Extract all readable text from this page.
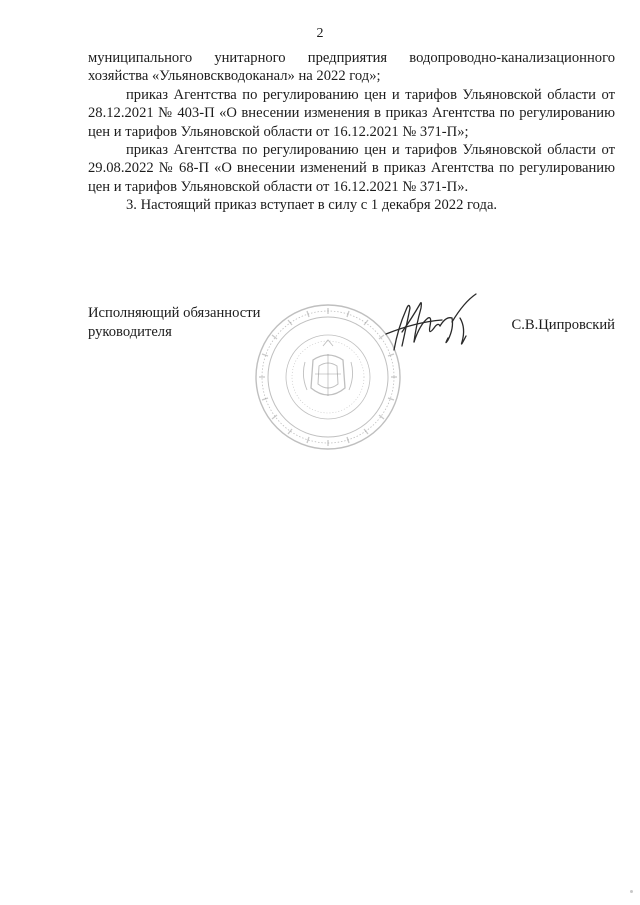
2

муниципального унитарного предприятия водопроводно-канализационного хозяйства «Ульяновскводоканал» на 2022 год»;

приказ Агентства по регулированию цен и тарифов Ульяновской области от 28.12.2021 № 403-П «О внесении изменения в приказ Агентства по регулированию цен и тарифов Ульяновской области от 16.12.2021 № 371-П»;

приказ Агентства по регулированию цен и тарифов Ульяновской области от 29.08.2022 № 68-П «О внесении изменений в приказ Агентства по регулированию цен и тарифов Ульяновской области от 16.12.2021 № 371-П».

3. Настоящий приказ вступает в силу с 1 декабря 2022 года.

Исполняющий обязанности
руководителя	С.В.Ципровский
